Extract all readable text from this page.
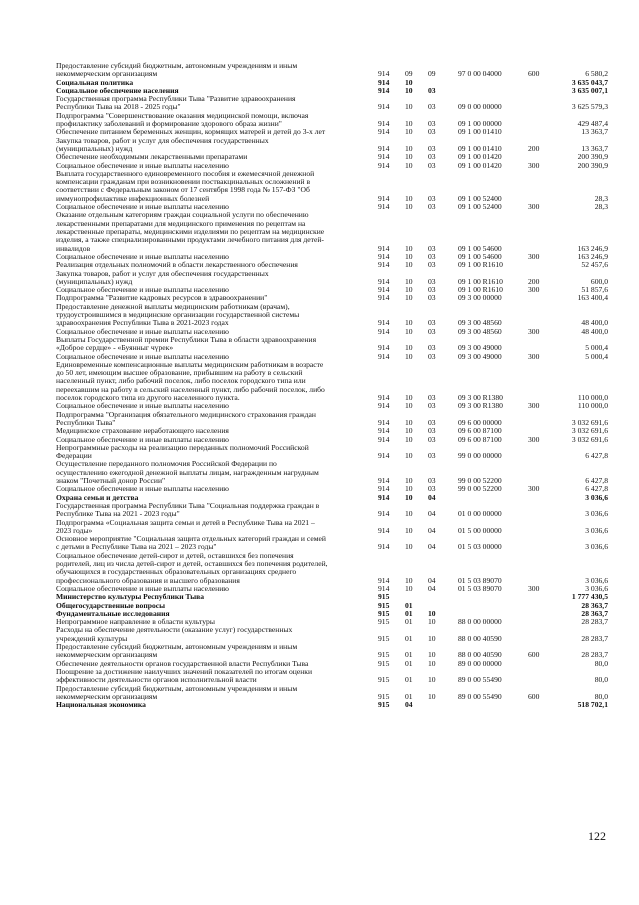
Предоставление субсидий бюджетным, автономным учреждениям и иным
некоммерческим организациям	914 09 09	97 0 00 04000	600	6 580,2
Социальная политика	914 10	3 635 043,7
Социальное обеспечение населения	914 10 03	3 635 007,1
Государственная программа Республики Тыва "Развитие здравоохранения
Республики Тыва на 2018 - 2025 годы"	914 10 03	09 0 00 00000	3 625 579,3
Подпрограмма "Совершенствование оказания медицинской помощи, включая
профилактику заболеваний и формирование здорового образа жизни"	914 10 03	09 1 00 00000	429 487,4
Обеспечение питанием беременных женщин, кормящих матерей и детей до 3-х лет	914 10 03	09 1 00 01410	13 363,7
Закупка товаров, работ и услуг для обеспечения государственных
(муниципальных) нужд	914 10 03	09 1 00 01410	200	13 363,7
Обеспечение необходимыми лекарственными препаратами	914 10 03	09 1 00 01420	200 390,9
Социальное обеспечение и иные выплаты населению	914 10 03	09 1 00 01420	300	200 390,9
Выплата государственного единовременного пособия и ежемесячной денежной
компенсации гражданам при возникновении поствакцинальных осложнений в
соответствии с Федеральным законом от 17 сентября 1998 года № 157-ФЗ "Об
иммунопрофилактике инфекционных болезней	914 10 03	09 1 00 52400	28,3
Социальное обеспечение и иные выплаты населению	914 10 03	09 1 00 52400	300	28,3
Оказание отдельным категориям граждан социальной услуги по обеспечению
лекарственными препаратами для медицинского применения по рецептам на
лекарственные препараты, медицинскими изделиями по рецептам на медицинские
изделия, а также специализированными продуктами лечебного питания для детей-
инвалидов	914 10 03	09 1 00 54600	163 246,9
Социальное обеспечение и иные выплаты населению	914 10 03	09 1 00 54600	300	163 246,9
Реализация отдельных полномочий в области лекарственного обеспечения	914 10 03	09 1 00 R1610	52 457,6
Закупка товаров, работ и услуг для обеспечения государственных
(муниципальных) нужд	914 10 03	09 1 00 R1610	200	600,0
Социальное обеспечение и иные выплаты населению	914 10 03	09 1 00 R1610	300	51 857,6
Подпрограмма "Развитие кадровых ресурсов в здравоохранении"	914 10 03	09 3 00 00000	163 400,4
Предоставление денежной выплаты медицинским работникам (врачам),
трудоустроившимся в медицинские организации государственной системы
здравоохранения Республики Тыва в 2021-2023 годах	914 10 03	09 3 00 48560	48 400,0
Социальное обеспечение и иные выплаты населению	914 10 03	09 3 00 48560	300	48 400,0
Выплаты Государственной премии Республики Тыва в области здравоохранения
«Доброе сердце» - «Буянныг чүрек»	914 10 03	09 3 00 49000	5 000,4
Социальное обеспечение и иные выплаты населению	914 10 03	09 3 00 49000	300	5 000,4
Единовременные компенсационные выплаты медицинским работникам в возрасте
до 50 лет, имеющим высшее образование, прибывшим на работу в сельский
населенный пункт, либо рабочий поселок, либо поселок городского типа или
переехавшим на работу в сельский населенный пункт, либо рабочий поселок, либо
поселок городского типа из другого населенного пункта.	914 10 03	09 3 00 R1380	110 000,0
Социальное обеспечение и иные выплаты населению	914 10 03	09 3 00 R1380	300	110 000,0
Подпрограмма "Организация обязательного медицинского страхования граждан
Республики Тыва"	914 10 03	09 6 00 00000	3 032 691,6
Медицинское страхование неработающего населения	914 10 03	09 6 00 87100	3 032 691,6
Социальное обеспечение и иные выплаты населению	914 10 03	09 6 00 87100	300	3 032 691,6
Непрограммные расходы на реализацию переданных полномочий Российской
Федерации	914 10 03	99 0 00 00000	6 427,8
Осуществление переданного полномочия Российской Федерации по
осуществлению ежегодной денежной выплаты лицам, награжденным нагрудным
знаком "Почетный донор России"	914 10 03	99 0 00 52200	6 427,8
Социальное обеспечение и иные выплаты населению	914 10 03	99 0 00 52200	300	6 427,8
Охрана семьи и детства	914 10 04	3 036,6
Государственная программа Республики Тыва "Социальная поддержка граждан в
Республике Тыва на 2021 - 2023 годы"	914 10 04	01 0 00 00000	3 036,6
Подпрограмма «Социальная защита семьи и детей в Республике Тыва на 2021 –
2023 годы»	914 10 04	01 5 00 00000	3 036,6
Основное мероприятие "Социальная защита отдельных категорий граждан и семей
с детьми в Республике Тыва на 2021 – 2023 годы"	914 10 04	01 5 03 00000	3 036,6
Социальное обеспечение детей-сирот и детей, оставшихся без попечения
родителей, лиц из числа детей-сирот и детей, оставшихся без попечения родителей,
обучающихся в государственных образовательных организациях среднего
профессионального образования и высшего образования	914 10 04	01 5 03 89070	3 036,6
Социальное обеспечение и иные выплаты населению	914 10 04	01 5 03 89070	300	3 036,6
Министерство культуры Республики Тыва	915	1 777 430,5
Общегосударственные вопросы	915 01	28 363,7
Фундаментальные исследования	915 01 10	28 363,7
Непрограммное направление в области культуры	915 01 10	88 0 00 00000	28 283,7
Расходы на обеспечение деятельности (оказание услуг) государственных
учреждений культуры	915 01 10	88 0 00 40590	28 283,7
Предоставление субсидий бюджетным, автономным учреждениям и иным
некоммерческим организациям	915 01 10	88 0 00 40590	600	28 283,7
Обеспечение деятельности органов государственной власти Республики Тыва	915 01 10	89 0 00 00000	80,0
Поощрение за достижение наилучших значений показателей по итогам оценки
эффективности деятельности органов исполнительной власти	915 01 10	89 0 00 55490	80,0
Предоставление субсидий бюджетным, автономным учреждениям и иным
некоммерческим организациям	915 01 10	89 0 00 55490	600	80,0
Национальная экономика	915 04	518 702,1
122
